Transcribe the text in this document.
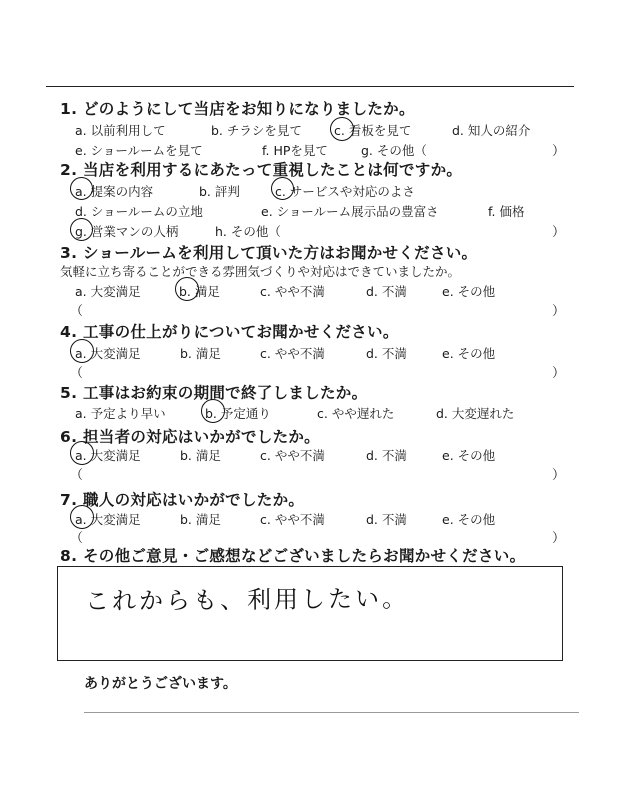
1. どのようにして当店をお知りになりましたか。
a. 以前利用して	b. チラシを見て	c. 看板を見て	d. 知人の紹介
e. ショールームを見て	f. HPを見て	g. その他（	）
2. 当店を利用するにあたって重視したことは何ですか。
a. 提案の内容	b. 評判	c. サービスや対応のよさ
d. ショールームの立地	e. ショールーム展示品の豊富さ	f. 価格
g. 営業マンの人柄	h. その他（	）
3. ショールームを利用して頂いた方はお聞かせください。
気軽に立ち寄ることができる雰囲気づくりや対応はできていましたか。
a. 大変満足	b. 満足	c. やや不満	d. 不満	e. その他
（	）
4. 工事の仕上がりについてお聞かせください。
a. 大変満足	b. 満足	c. やや不満	d. 不満	e. その他
（	）
5. 工事はお約束の期間で終了しましたか。
a. 予定より早い	b. 予定通り	c. やや遅れた	d. 大変遅れた
6. 担当者の対応はいかがでしたか。
a. 大変満足	b. 満足	c. やや不満	d. 不満	e. その他
（	）
7. 職人の対応はいかがでしたか。
a. 大変満足	b. 満足	c. やや不満	d. 不満	e. その他
（	）
8. その他ご意見・ご感想などございましたらお聞かせください。
これからも、利用したい。
ありがとうございます。
